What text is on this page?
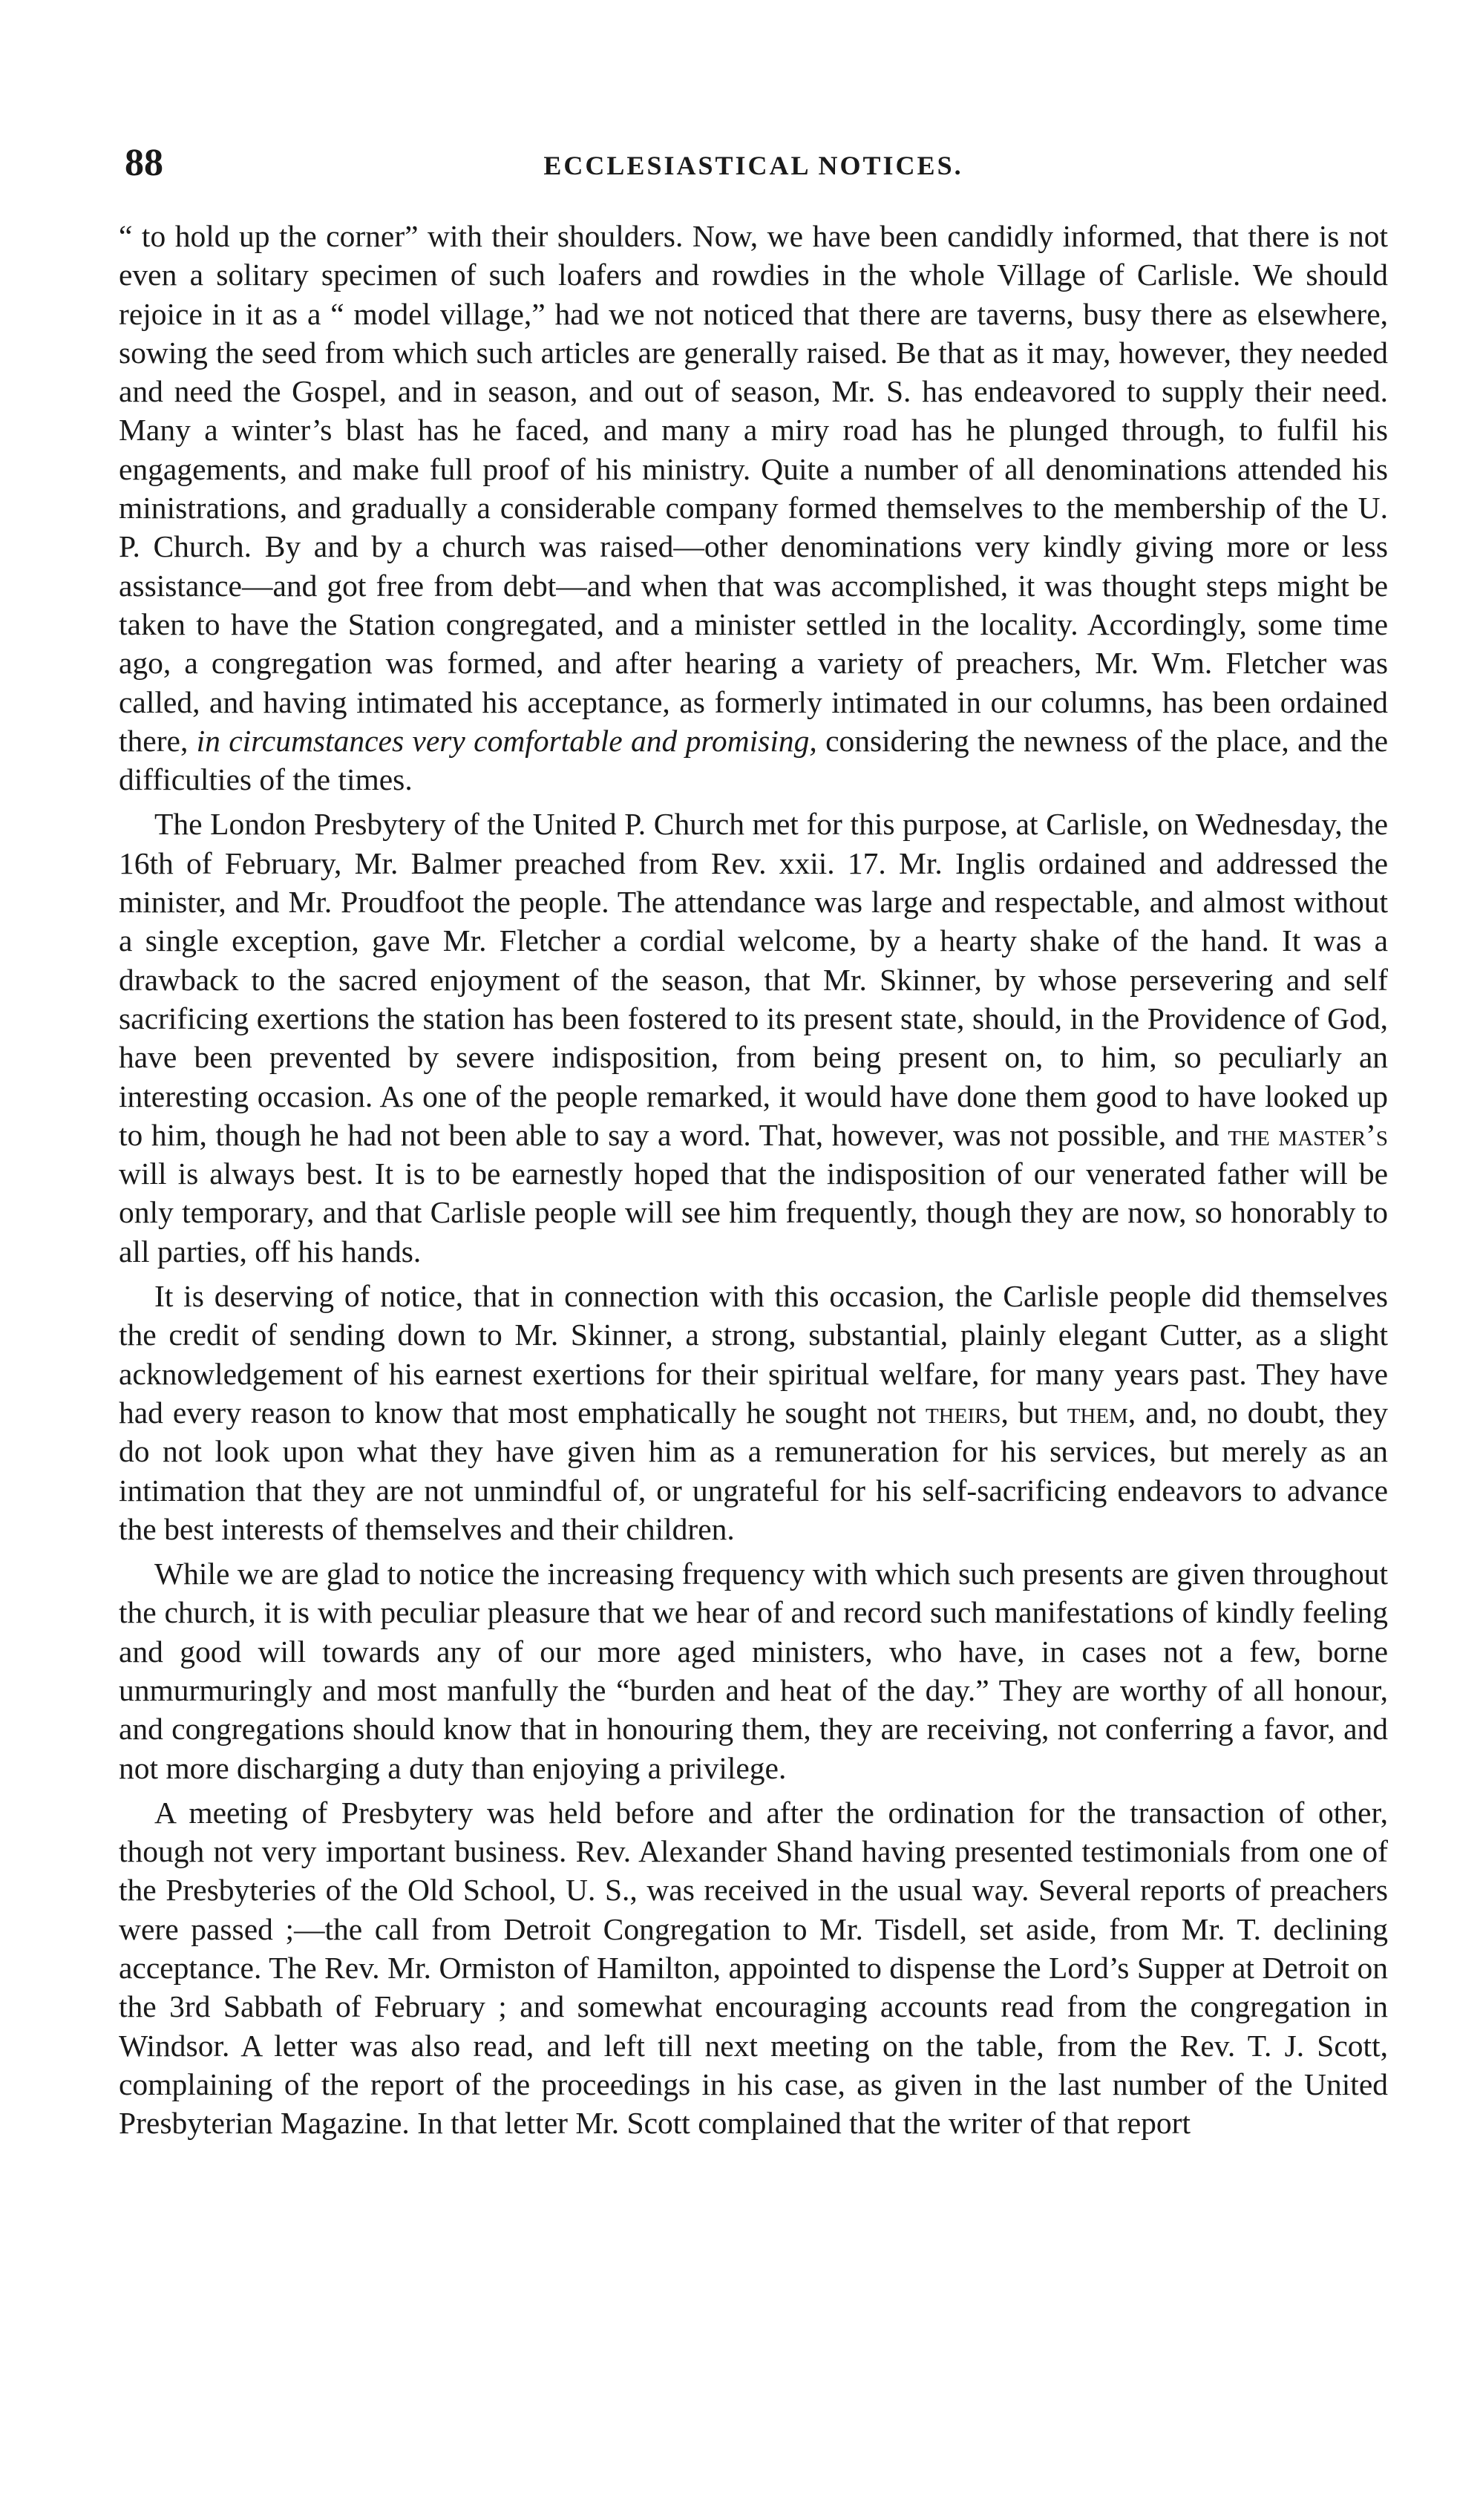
88	ECCLESIASTICAL NOTICES.

“ to hold up the corner” with their shoulders. Now, we have been candidly informed, that there is not even a solitary specimen of such loafers and rowdies in the whole Village of Carlisle. We should rejoice in it as a “ model village,” had we not noticed that there are taverns, busy there as elsewhere, sowing the seed from which such articles are generally raised. Be that as it may, however, they needed and need the Gospel, and in season, and out of season, Mr. S. has endeavored to supply their need. Many a winter’s blast has he faced, and many a miry road has he plunged through, to fulfil his engagements, and make full proof of his ministry. Quite a number of all denominations attended his ministrations, and gradually a considerable company formed themselves to the membership of the U. P. Church. By and by a church was raised—other denominations very kindly giving more or less assistance—and got free from debt—and when that was accomplished, it was thought steps might be taken to have the Station congregated, and a minister settled in the locality. Accordingly, some time ago, a congregation was formed, and after hearing a variety of preachers, Mr. Wm. Fletcher was called, and having intimated his acceptance, as formerly intimated in our columns, has been ordained there, in circumstances very comfortable and promising, considering the newness of the place, and the difficulties of the times.

The London Presbytery of the United P. Church met for this purpose, at Carlisle, on Wednesday, the 16th of February, Mr. Balmer preached from Rev. xxii. 17. Mr. Inglis ordained and addressed the minister, and Mr. Proudfoot the people. The attendance was large and respectable, and almost without a single exception, gave Mr. Fletcher a cordial welcome, by a hearty shake of the hand. It was a drawback to the sacred enjoyment of the season, that Mr. Skinner, by whose persevering and self sacrificing exertions the station has been fostered to its present state, should, in the Providence of God, have been prevented by severe indisposition, from being present on, to him, so peculiarly an interesting occasion. As one of the people remarked, it would have done them good to have looked up to him, though he had not been able to say a word. That, however, was not possible, and the master’s will is always best. It is to be earnestly hoped that the indisposition of our venerated father will be only temporary, and that Carlisle people will see him frequently, though they are now, so honorably to all parties, off his hands.

It is deserving of notice, that in connection with this occasion, the Carlisle people did themselves the credit of sending down to Mr. Skinner, a strong, substantial, plainly elegant Cutter, as a slight acknowledgement of his earnest exertions for their spiritual welfare, for many years past. They have had every reason to know that most emphatically he sought not theirs, but them, and, no doubt, they do not look upon what they have given him as a remuneration for his services, but merely as an intimation that they are not unmindful of, or ungrateful for his self-sacrificing endeavors to advance the best interests of themselves and their children.

While we are glad to notice the increasing frequency with which such presents are given throughout the church, it is with peculiar pleasure that we hear of and record such manifestations of kindly feeling and good will towards any of our more aged ministers, who have, in cases not a few, borne unmurmuringly and most manfully the “burden and heat of the day.” They are worthy of all honour, and congregations should know that in honouring them, they are receiving, not conferring a favor, and not more discharging a duty than enjoying a privilege.

A meeting of Presbytery was held before and after the ordination for the transaction of other, though not very important business. Rev. Alexander Shand having presented testimonials from one of the Presbyteries of the Old School, U. S., was received in the usual way. Several reports of preachers were passed ;—the call from Detroit Congregation to Mr. Tisdell, set aside, from Mr. T. declining acceptance. The Rev. Mr. Ormiston of Hamilton, appointed to dispense the Lord’s Supper at Detroit on the 3rd Sabbath of February ; and somewhat encouraging accounts read from the congregation in Windsor. A letter was also read, and left till next meeting on the table, from the Rev. T. J. Scott, complaining of the report of the proceedings in his case, as given in the last number of the United Presbyterian Magazine. In that letter Mr. Scott complained that the writer of that report
